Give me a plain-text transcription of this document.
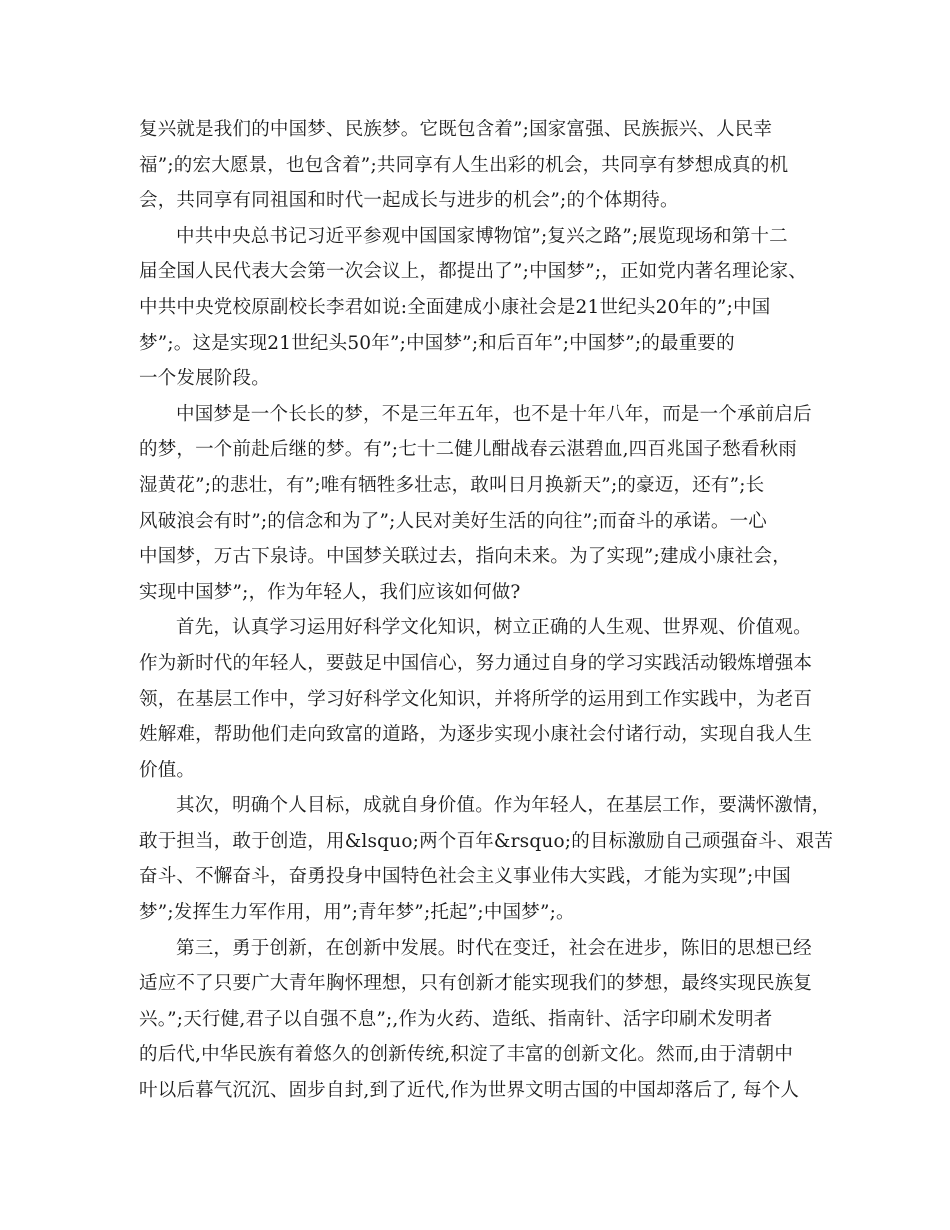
复兴就是我们的中国梦、民族梦。它既包含着”;国家富强、民族振兴、人民幸
福”;的宏大愿景，也包含着”;共同享有人生出彩的机会，共同享有梦想成真的机
会，共同享有同祖国和时代一起成长与进步的机会”;的个体期待。
中共中央总书记习近平参观中国国家博物馆”;复兴之路”;展览现场和第十二
届全国人民代表大会第一次会议上，都提出了”;中国梦”;，正如党内著名理论家、
中共中央党校原副校长李君如说:全面建成小康社会是21世纪头20年的”;中国
梦”;。这是实现21世纪头50年”;中国梦”;和后百年”;中国梦”;的最重要的
一个发展阶段。
中国梦是一个长长的梦，不是三年五年，也不是十年八年，而是一个承前启后
的梦，一个前赴后继的梦。有”;七十二健儿酣战春云湛碧血,四百兆国子愁看秋雨
湿黄花”;的悲壮，有”;唯有牺牲多壮志，敢叫日月换新天”;的豪迈，还有”;长
风破浪会有时”;的信念和为了”;人民对美好生活的向往”;而奋斗的承诺。一心
中国梦，万古下泉诗。中国梦关联过去，指向未来。为了实现”;建成小康社会，
实现中国梦”;，作为年轻人，我们应该如何做?
首先，认真学习运用好科学文化知识，树立正确的人生观、世界观、价值观。
作为新时代的年轻人，要鼓足中国信心，努力通过自身的学习实践活动锻炼增强本
领，在基层工作中，学习好科学文化知识，并将所学的运用到工作实践中，为老百
姓解难，帮助他们走向致富的道路，为逐步实现小康社会付诸行动，实现自我人生
价值。
其次，明确个人目标，成就自身价值。作为年轻人，在基层工作，要满怀激情，
敢于担当，敢于创造，用&lsquo;两个百年&rsquo;的目标激励自己顽强奋斗、艰苦
奋斗、不懈奋斗，奋勇投身中国特色社会主义事业伟大实践，才能为实现”;中国
梦”;发挥生力军作用，用”;青年梦”;托起”;中国梦”;。
第三，勇于创新，在创新中发展。时代在变迁，社会在进步，陈旧的思想已经
适应不了只要广大青年胸怀理想，只有创新才能实现我们的梦想，最终实现民族复
兴。”;天行健,君子以自强不息”;,作为火药、造纸、指南针、活字印刷术发明者
的后代,中华民族有着悠久的创新传统,积淀了丰富的创新文化。然而,由于清朝中
叶以后暮气沉沉、固步自封,到了近代,作为世界文明古国的中国却落后了, 每个人
